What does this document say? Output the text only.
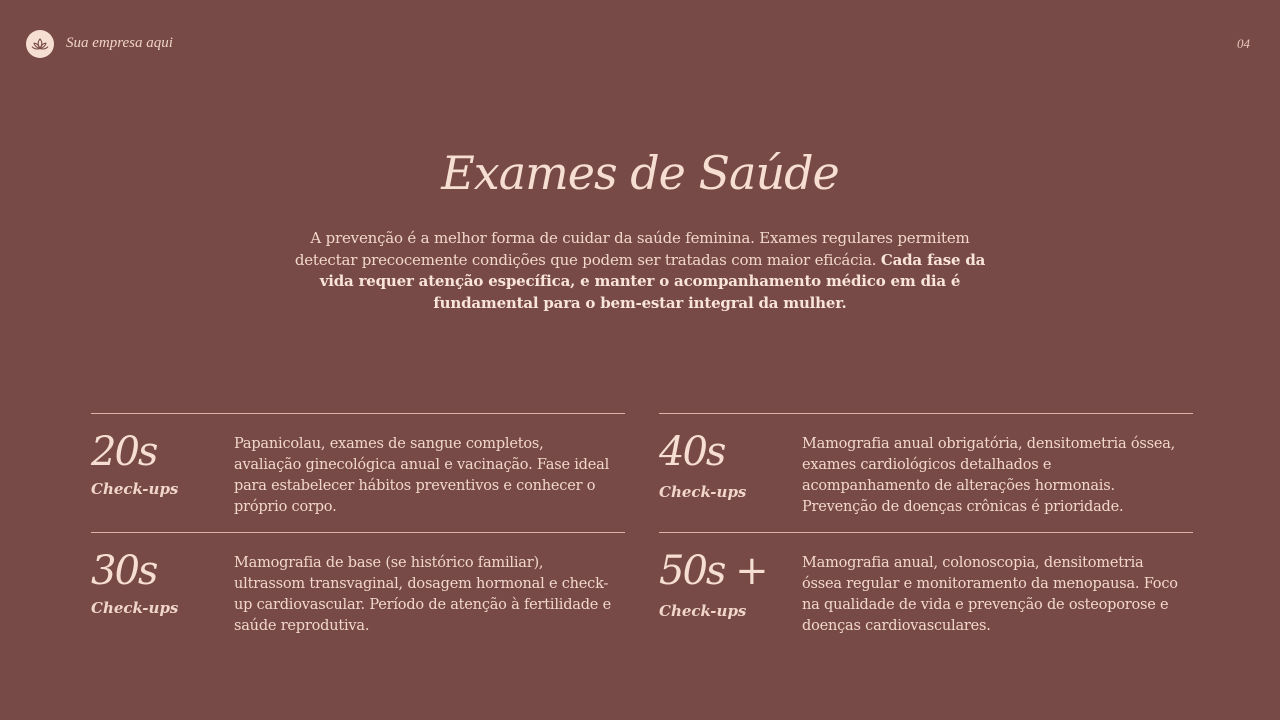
Sua empresa aqui	04
Exames de Saúde

A prevenção é a melhor forma de cuidar da saúde feminina. Exames regulares permitem detectar precocemente condições que podem ser tratadas com maior eficácia. Cada fase da vida requer atenção específica, e manter o acompanhamento médico em dia é fundamental para o bem-estar integral da mulher.

20s
Check-ups

Papanicolau, exames de sangue completos, avaliação ginecológica anual e vacinação. Fase ideal para estabelecer hábitos preventivos e conhecer o próprio corpo.

40s
Check-ups

Mamografia anual obrigatória, densitometria óssea, exames cardiológicos detalhados e acompanhamento de alterações hormonais. Prevenção de doenças crônicas é prioridade.

30s
Check-ups

Mamografia de base (se histórico familiar), ultrassom transvaginal, dosagem hormonal e check-up cardiovascular. Período de atenção à fertilidade e saúde reprodutiva.

50s +
Check-ups

Mamografia anual, colonoscopia, densitometria óssea regular e monitoramento da menopausa. Foco na qualidade de vida e prevenção de osteoporose e doenças cardiovasculares.
